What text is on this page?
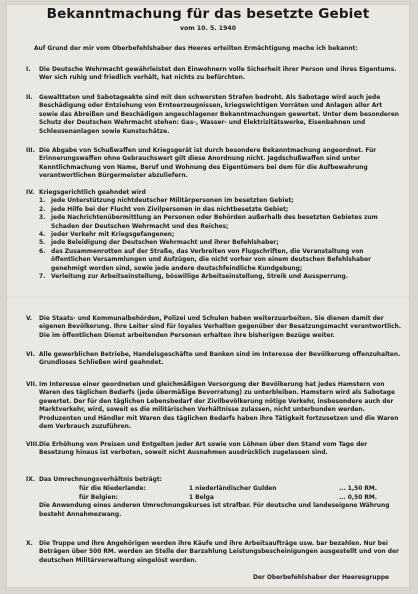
Bekanntmachung für das besetzte Gebiet
vom 10. 5. 1940
Auf Grund der mir vom Oberbefehlshaber des Heeres erteilten Ermächtigung mache ich bekannt:
I. Die Deutsche Wehrmacht gewährleistet den Einwohnern volle Sicherheit ihrer Person und ihres Eigentums. Wer sich ruhig und friedlich verhält, hat nichts zu befürchten.
II. Gewalttaten und Sabotageakte sind mit den schwersten Strafen bedroht. Als Sabotage wird auch jede Beschädigung oder Entziehung von Ernteerzeugnissen, kriegswichtigen Vorräten und Anlagen aller Art sowie das Abreißen und Beschädigen angeschlagener Bekanntmachungen gewertet. Unter dem besonderen Schutz der Deutschen Wehrmacht stehen: Gas-, Wasser- und Elektrizitätswerke, Eisenbahnen und Schleusenanlagen sowie Kunstschätze.
III. Die Abgabe von Schußwaffen und Kriegsgerät ist durch besondere Bekanntmachung angeordnet. Für Erinnerungswaffen ohne Gebrauchswert gilt diese Anordnung nicht. Jagdschußwaffen sind unter Kenntlichmachung von Name, Beruf und Wohnung des Eigentümers bei dem für die Aufbewahrung verantwortlichen Bürgermeister abzuliefern.
IV. Kriegsgerichtlich geahndet wird
1. jede Unterstützung nichtdeutscher Militärpersonen im besetzten Gebiet;
2. jede Hilfe bei der Flucht von Zivilpersonen in das nichtbesetzte Gebiet;
3. jede Nachrichtenübermittlung an Personen oder Behörden außerhalb des besetzten Gebietes zum Schaden der Deutschen Wehrmacht und des Reiches;
4. jeder Verkehr mit Kriegsgefangenen;
5. jede Beleidigung der Deutschen Wehrmacht und ihrer Befehlshaber;
6. das Zusammenrotten auf der Straße, das Verbreiten von Flugschriften, die Veranstaltung von öffentlichen Versammlungen und Aufzügen, die nicht vorher von einem deutschen Befehlshaber genehmigt worden sind, sowie jede andere deutschfeindliche Kundgebung;
7. Verleitung zur Arbeitseinstellung, böswillige Arbeitseinstellung, Streik und Aussperrung.
V. Die Staats- und Kommunalbehörden, Polizei und Schulen haben weiterzuarbeiten. Sie dienen damit der eigenen Bevölkerung. Ihre Leiter sind für loyales Verhalten gegenüber der Besatzungsmacht verantwortlich. Die im öffentlichen Dienst arbeitenden Personen erhalten ihre bisherigen Bezüge weiter.
VI. Alle gewerblichen Betriebe, Handelsgeschäfte und Banken sind im Interesse der Bevölkerung offenzuhalten. Grundloses Schließen wird geahndet.
VII. Im Interesse einer geordneten und gleichmäßigen Versorgung der Bevölkerung hat jedes Hamstern von Waren des täglichen Bedarfs (jede übermäßige Bevorratung) zu unterbleiben. Hamstern wird als Sabotage gewertet. Der für den täglichen Lebensbedarf der Zivilbevölkerung nötige Verkehr, insbesondere auch der Marktverkehr, wird, soweit es die militärischen Verhältnisse zulassen, nicht unterbunden werden. Produzenten und Händler mit Waren des täglichen Bedarfs haben ihre Tätigkeit fortzusetzen und die Waren dem Verbrauch zuzuführen.
VIII. Die Erhöhung von Preisen und Entgelten jeder Art sowie von Löhnen über den Stand vom Tage der Besetzung hinaus ist verboten, soweit nicht Ausnahmen ausdrücklich zugelassen sind.
IX. Das Umrechnungsverhältnis beträgt:
für die Niederlande:	1 niederländischer Gulden	... 1,50 RM.
für Belgien:	1 Belga	... 0,50 RM.
Die Anwendung eines anderen Umrechnungskurses ist strafbar. Für deutsche und landeseigene Währung besteht Annahmezwang.
X. Die Truppe und ihre Angehörigen werden ihre Käufe und ihre Arbeitsaufträge usw. bar bezahlen. Nur bei Beträgen über 500 RM. werden an Stelle der Barzahlung Leistungsbescheinigungen ausgestellt und von der deutschen Militärverwaltung eingelöst werden.
Der Oberbefehlshaber der Heeresgruppe
